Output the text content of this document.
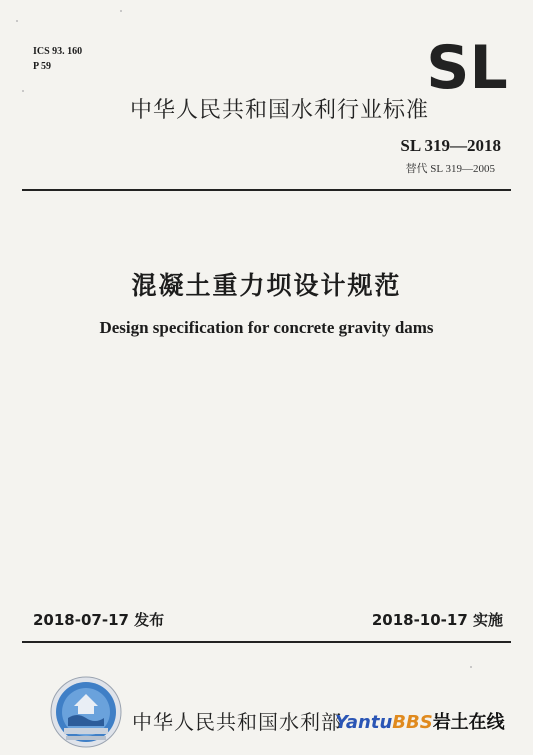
ICS 93. 160
P 59	SL
中华人民共和国水利行业标准
SL 319—2018
替代 SL 319—2005
混凝土重力坝设计规范
Design specification for concrete gravity dams
2018-07-17 发布	2018-10-17 实施
中华人民共和国水利部
YantuBBS岩土在线
